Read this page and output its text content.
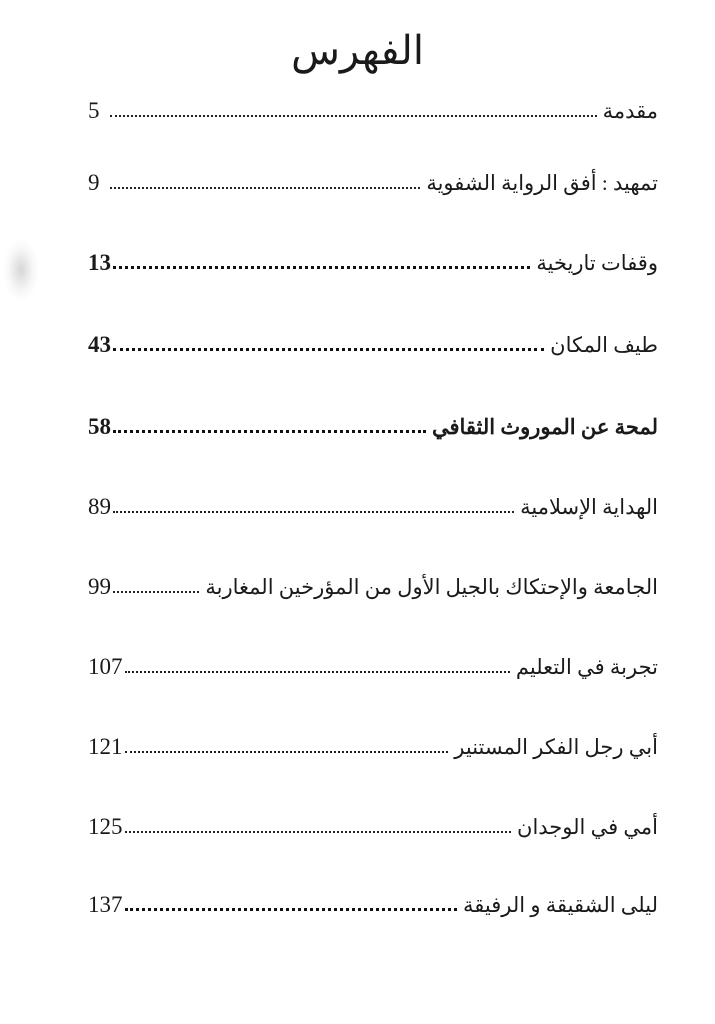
الفهرس
مقدمة
5
تمهيد : أفق الرواية الشفوية
9
وقفات تاريخية
13
طيف المكان
43
لمحة عن الموروث الثقافي
58
الهداية الإسلامية
89
الجامعة والإحتكاك بالجيل الأول من المؤرخين المغاربة
99
تجربة في التعليم
107
أبي رجل الفكر المستنير
121
أمي في الوجدان
125
ليلى الشقيقة و الرفيقة
137
